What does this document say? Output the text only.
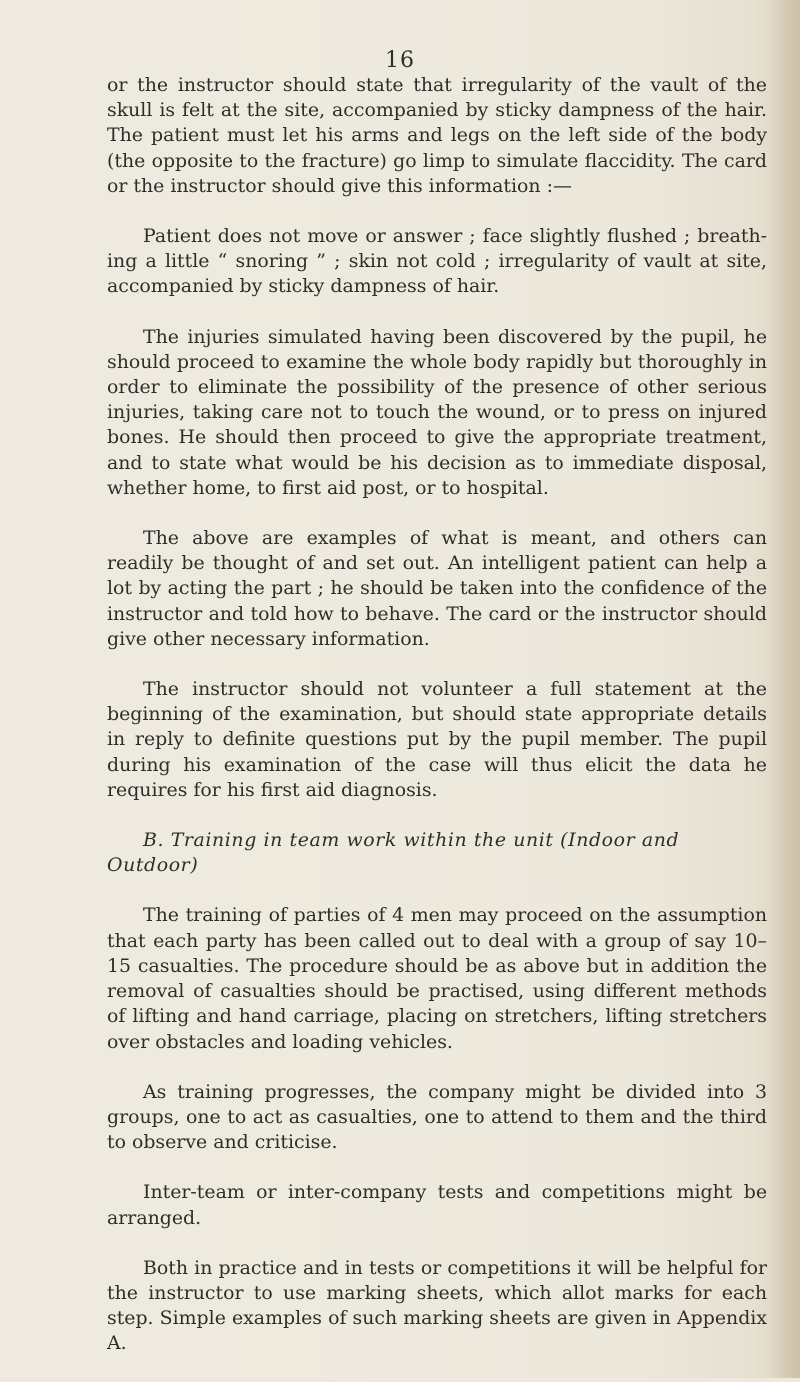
16

or the instructor should state that irregularity of the vault of the skull is felt at the site, accompanied by sticky dampness of the hair. The patient must let his arms and legs on the left side of the body (the opposite to the fracture) go limp to simulate flaccidity. The card or the instructor should give this information :—

Patient does not move or answer ; face slightly flushed ; breath-ing a little “ snoring ” ; skin not cold ; irregularity of vault at site, accompanied by sticky dampness of hair.

The injuries simulated having been discovered by the pupil, he should proceed to examine the whole body rapidly but thoroughly in order to eliminate the possibility of the presence of other serious injuries, taking care not to touch the wound, or to press on injured bones. He should then proceed to give the appropriate treatment, and to state what would be his decision as to immediate disposal, whether home, to first aid post, or to hospital.

The above are examples of what is meant, and others can readily be thought of and set out. An intelligent patient can help a lot by acting the part ; he should be taken into the confidence of the instructor and told how to behave. The card or the instructor should give other necessary information.

The instructor should not volunteer a full statement at the beginning of the examination, but should state appropriate details in reply to definite questions put by the pupil member. The pupil during his examination of the case will thus elicit the data he requires for his first aid diagnosis.

B. Training in team work within the unit (Indoor and Outdoor)

The training of parties of 4 men may proceed on the assumption that each party has been called out to deal with a group of say 10–15 casualties. The procedure should be as above but in addition the removal of casualties should be practised, using different methods of lifting and hand carriage, placing on stretchers, lifting stretchers over obstacles and loading vehicles.

As training progresses, the company might be divided into 3 groups, one to act as casualties, one to attend to them and the third to observe and criticise.

Inter-team or inter-company tests and competitions might be arranged.

Both in practice and in tests or competitions it will be helpful for the instructor to use marking sheets, which allot marks for each step. Simple examples of such marking sheets are given in Appendix A.
